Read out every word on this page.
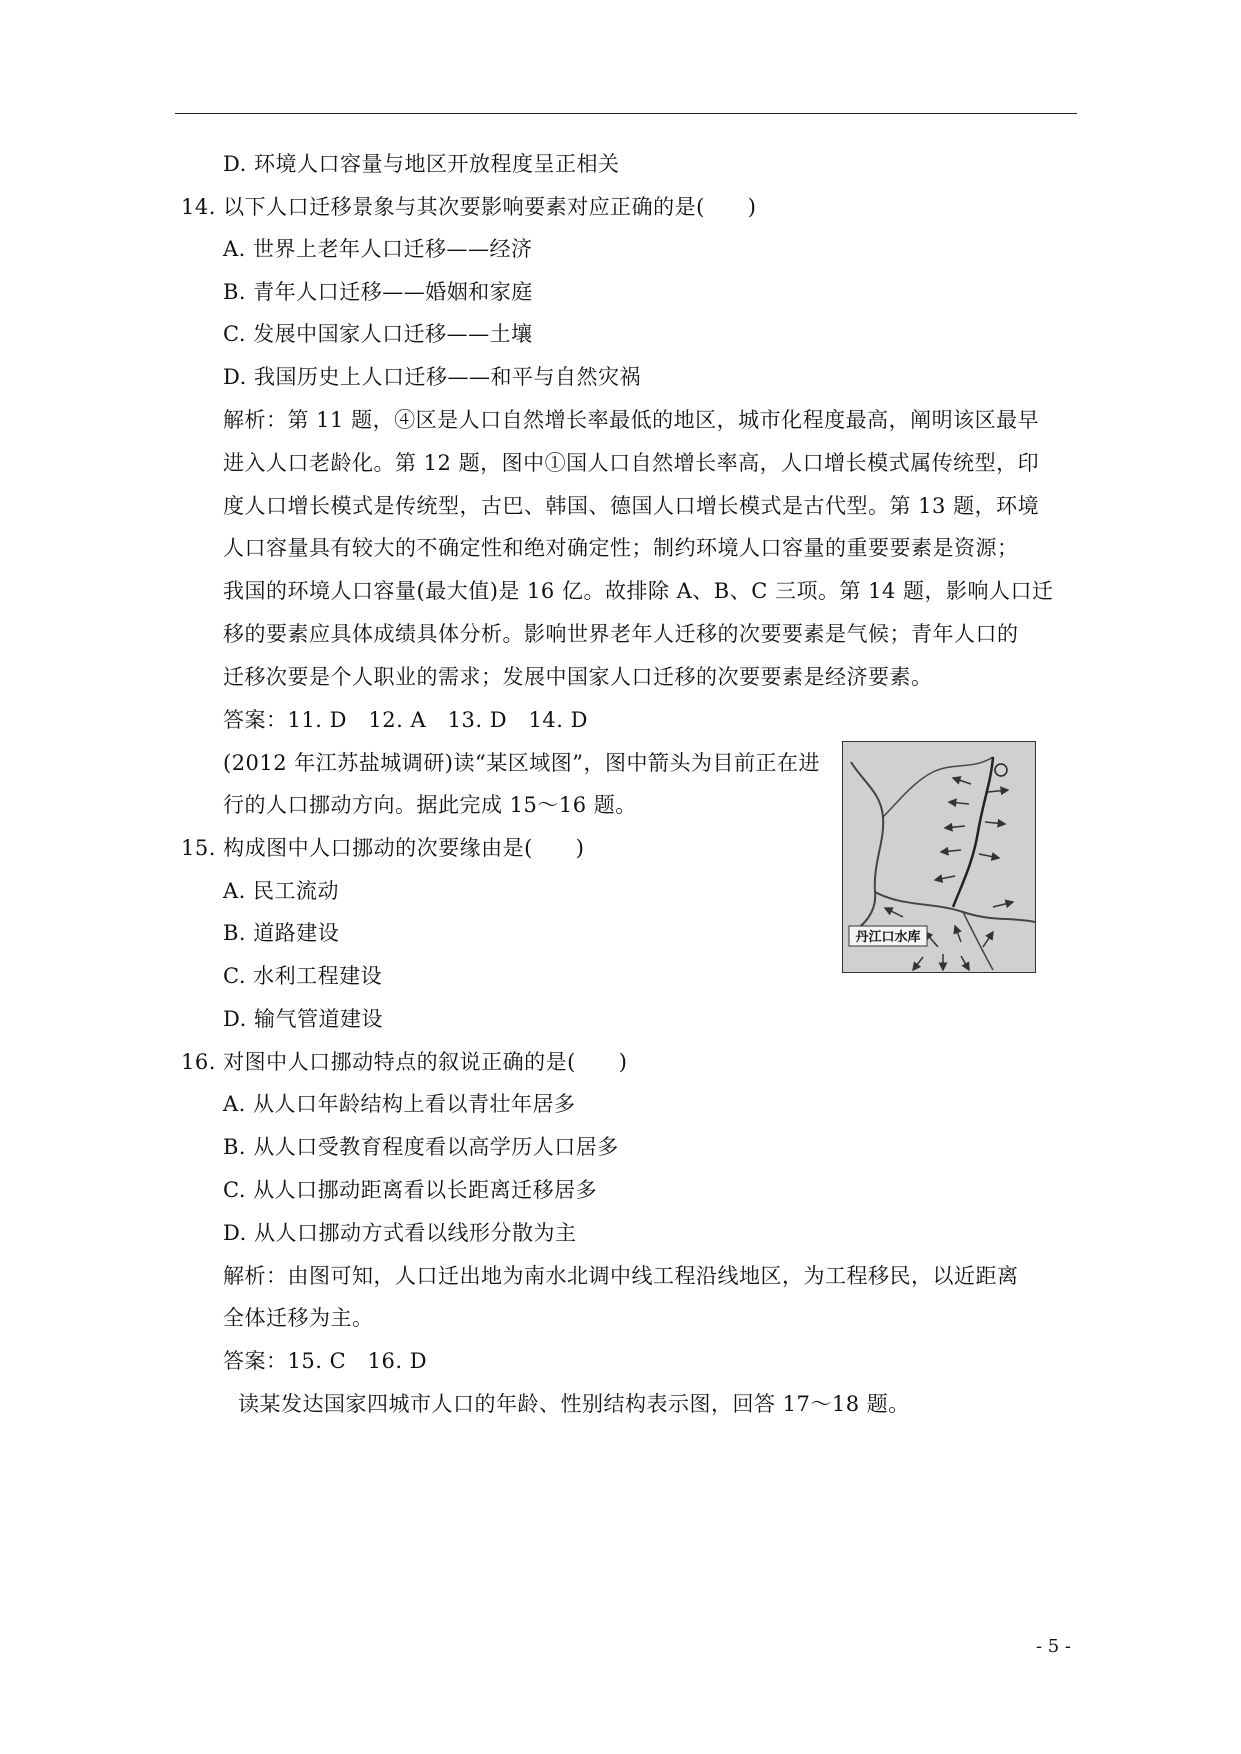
D. 环境人口容量与地区开放程度呈正相关
14. 以下人口迁移景象与其次要影响要素对应正确的是(　　)
A. 世界上老年人口迁移——经济
B. 青年人口迁移——婚姻和家庭
C. 发展中国家人口迁移——土壤
D. 我国历史上人口迁移——和平与自然灾祸
解析：第 11 题，④区是人口自然增长率最低的地区，城市化程度最高，阐明该区最早
进入人口老龄化。第 12 题，图中①国人口自然增长率高，人口增长模式属传统型，印
度人口增长模式是传统型，古巴、韩国、德国人口增长模式是古代型。第 13 题，环境
人口容量具有较大的不确定性和绝对确定性；制约环境人口容量的重要要素是资源；
我国的环境人口容量(最大值)是 16 亿。故排除 A、B、C 三项。第 14 题，影响人口迁
移的要素应具体成绩具体分析。影响世界老年人迁移的次要要素是气候；青年人口的
迁移次要是个人职业的需求；发展中国家人口迁移的次要要素是经济要素。
答案：11. D　12. A　13. D　14. D
(2012 年江苏盐城调研)读“某区域图”，图中箭头为目前正在进
行的人口挪动方向。据此完成 15～16 题。
15. 构成图中人口挪动的次要缘由是(　　)
A. 民工流动
B. 道路建设
C. 水利工程建设
D. 输气管道建设
16. 对图中人口挪动特点的叙说正确的是(　　)
A. 从人口年龄结构上看以青壮年居多
B. 从人口受教育程度看以高学历人口居多
C. 从人口挪动距离看以长距离迁移居多
D. 从人口挪动方式看以线形分散为主
解析：由图可知，人口迁出地为南水北调中线工程沿线地区，为工程移民，以近距离
全体迁移为主。
答案：15. C　16. D
读某发达国家四城市人口的年龄、性别结构表示图，回答 17～18 题。
丹江口水库
- 5 -
